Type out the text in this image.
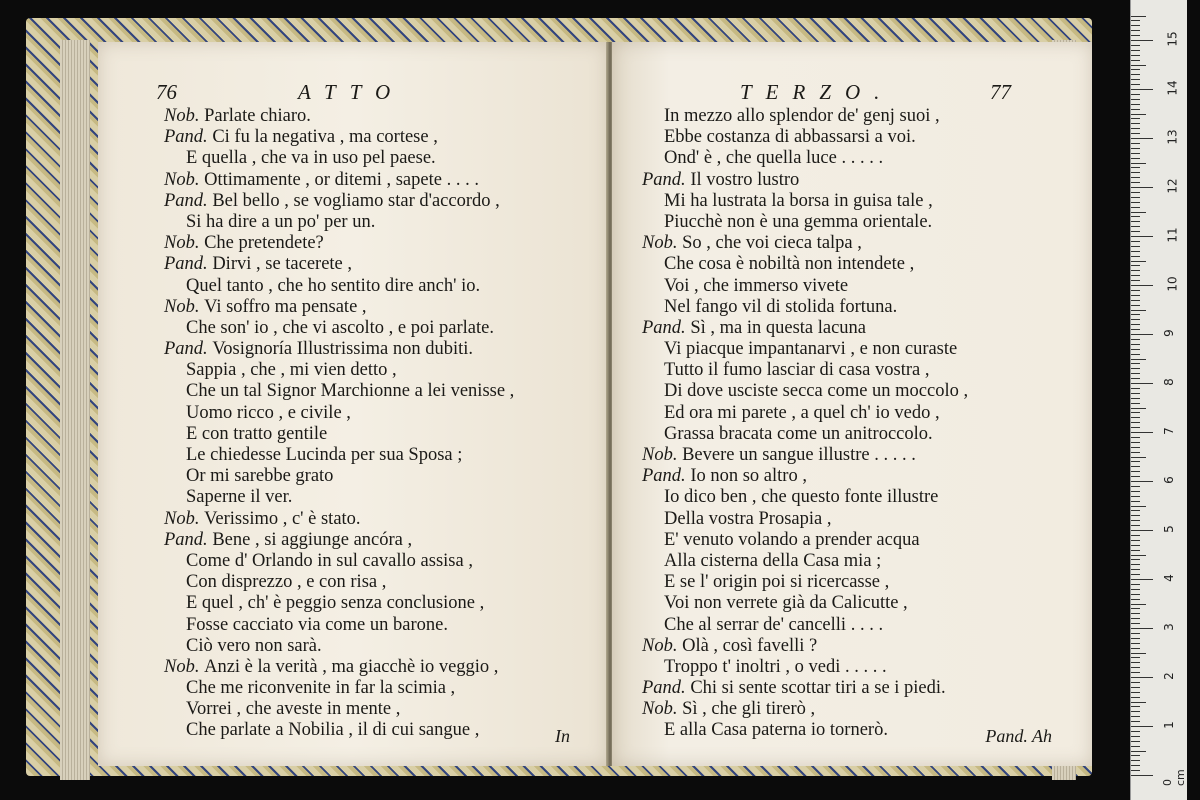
76	ATTO
Nob. Parlate chiaro.
Pand. Ci fu la negativa , ma cortese ,
E quella , che va in uso pel paese.
Nob. Ottimamente , or ditemi , sapete . . . .
Pand. Bel bello , se vogliamo star d'accordo ,
Si ha dire a un po' per un.
Nob. Che pretendete?
Pand. Dirvi , se tacerete ,
Quel tanto , che ho sentito dire anch' io.
Nob. Vi soffro ma pensate ,
Che son' io , che vi ascolto , e poi parlate.
Pand. Vosignoría Illustrissima non dubiti.
Sappia , che , mi vien detto ,
Che un tal Signor Marchionne a lei venisse ,
Uomo ricco , e civile ,
E con tratto gentile
Le chiedesse Lucinda per sua Sposa ;
Or mi sarebbe grato
Saperne il ver.
Nob. Verissimo , c' è stato.
Pand. Bene , si aggiunge ancóra ,
Come d' Orlando in sul cavallo assisa ,
Con disprezzo , e con risa ,
E quel , ch' è peggio senza conclusione ,
Fosse cacciato via come un barone.
Ciò vero non sarà.
Nob. Anzi è la verità , ma giacchè io veggio ,
Che me riconvenite in far la scimia ,
Vorrei , che aveste in mente ,
Che parlate a Nobilia , il di cui sangue ,	In
TERZO.	77
In mezzo allo splendor de' genj suoi ,
Ebbe costanza di abbassarsi a voi.
Ond' è , che quella luce . . . . .
Pand. Il vostro lustro
Mi ha lustrata la borsa in guisa tale ,
Piucchè non è una gemma orientale.
Nob. So , che voi cieca talpa ,
Che cosa è nobiltà non intendete ,
Voi , che immerso vivete
Nel fango vil di stolida fortuna.
Pand. Sì , ma in questa lacuna
Vi piacque impantanarvi , e non curaste
Tutto il fumo lasciar di casa vostra ,
Di dove usciste secca come un moccolo ,
Ed ora mi parete , a quel ch' io vedo ,
Grassa bracata come un anitroccolo.
Nob. Bevere un sangue illustre . . . . .
Pand. Io non so altro ,
Io dico ben , che questo fonte illustre
Della vostra Prosapia ,
E' venuto volando a prender acqua
Alla cisterna della Casa mia ;
E se l' origin poi si ricercasse ,
Voi non verrete già da Calicutte ,
Che al serrar de' cancelli . . . .
Nob. Olà , così favelli ?
Troppo t' inoltri , o vedi . . . . .
Pand. Chi si sente scottar tiri a se i piedi.
Nob. Sì , che gli tirerò ,
E alla Casa paterna io tornerò.	Pand. Ah
0 cm
1
2
3
4
5
6
7
8
9
10
11
12
13
14
15
